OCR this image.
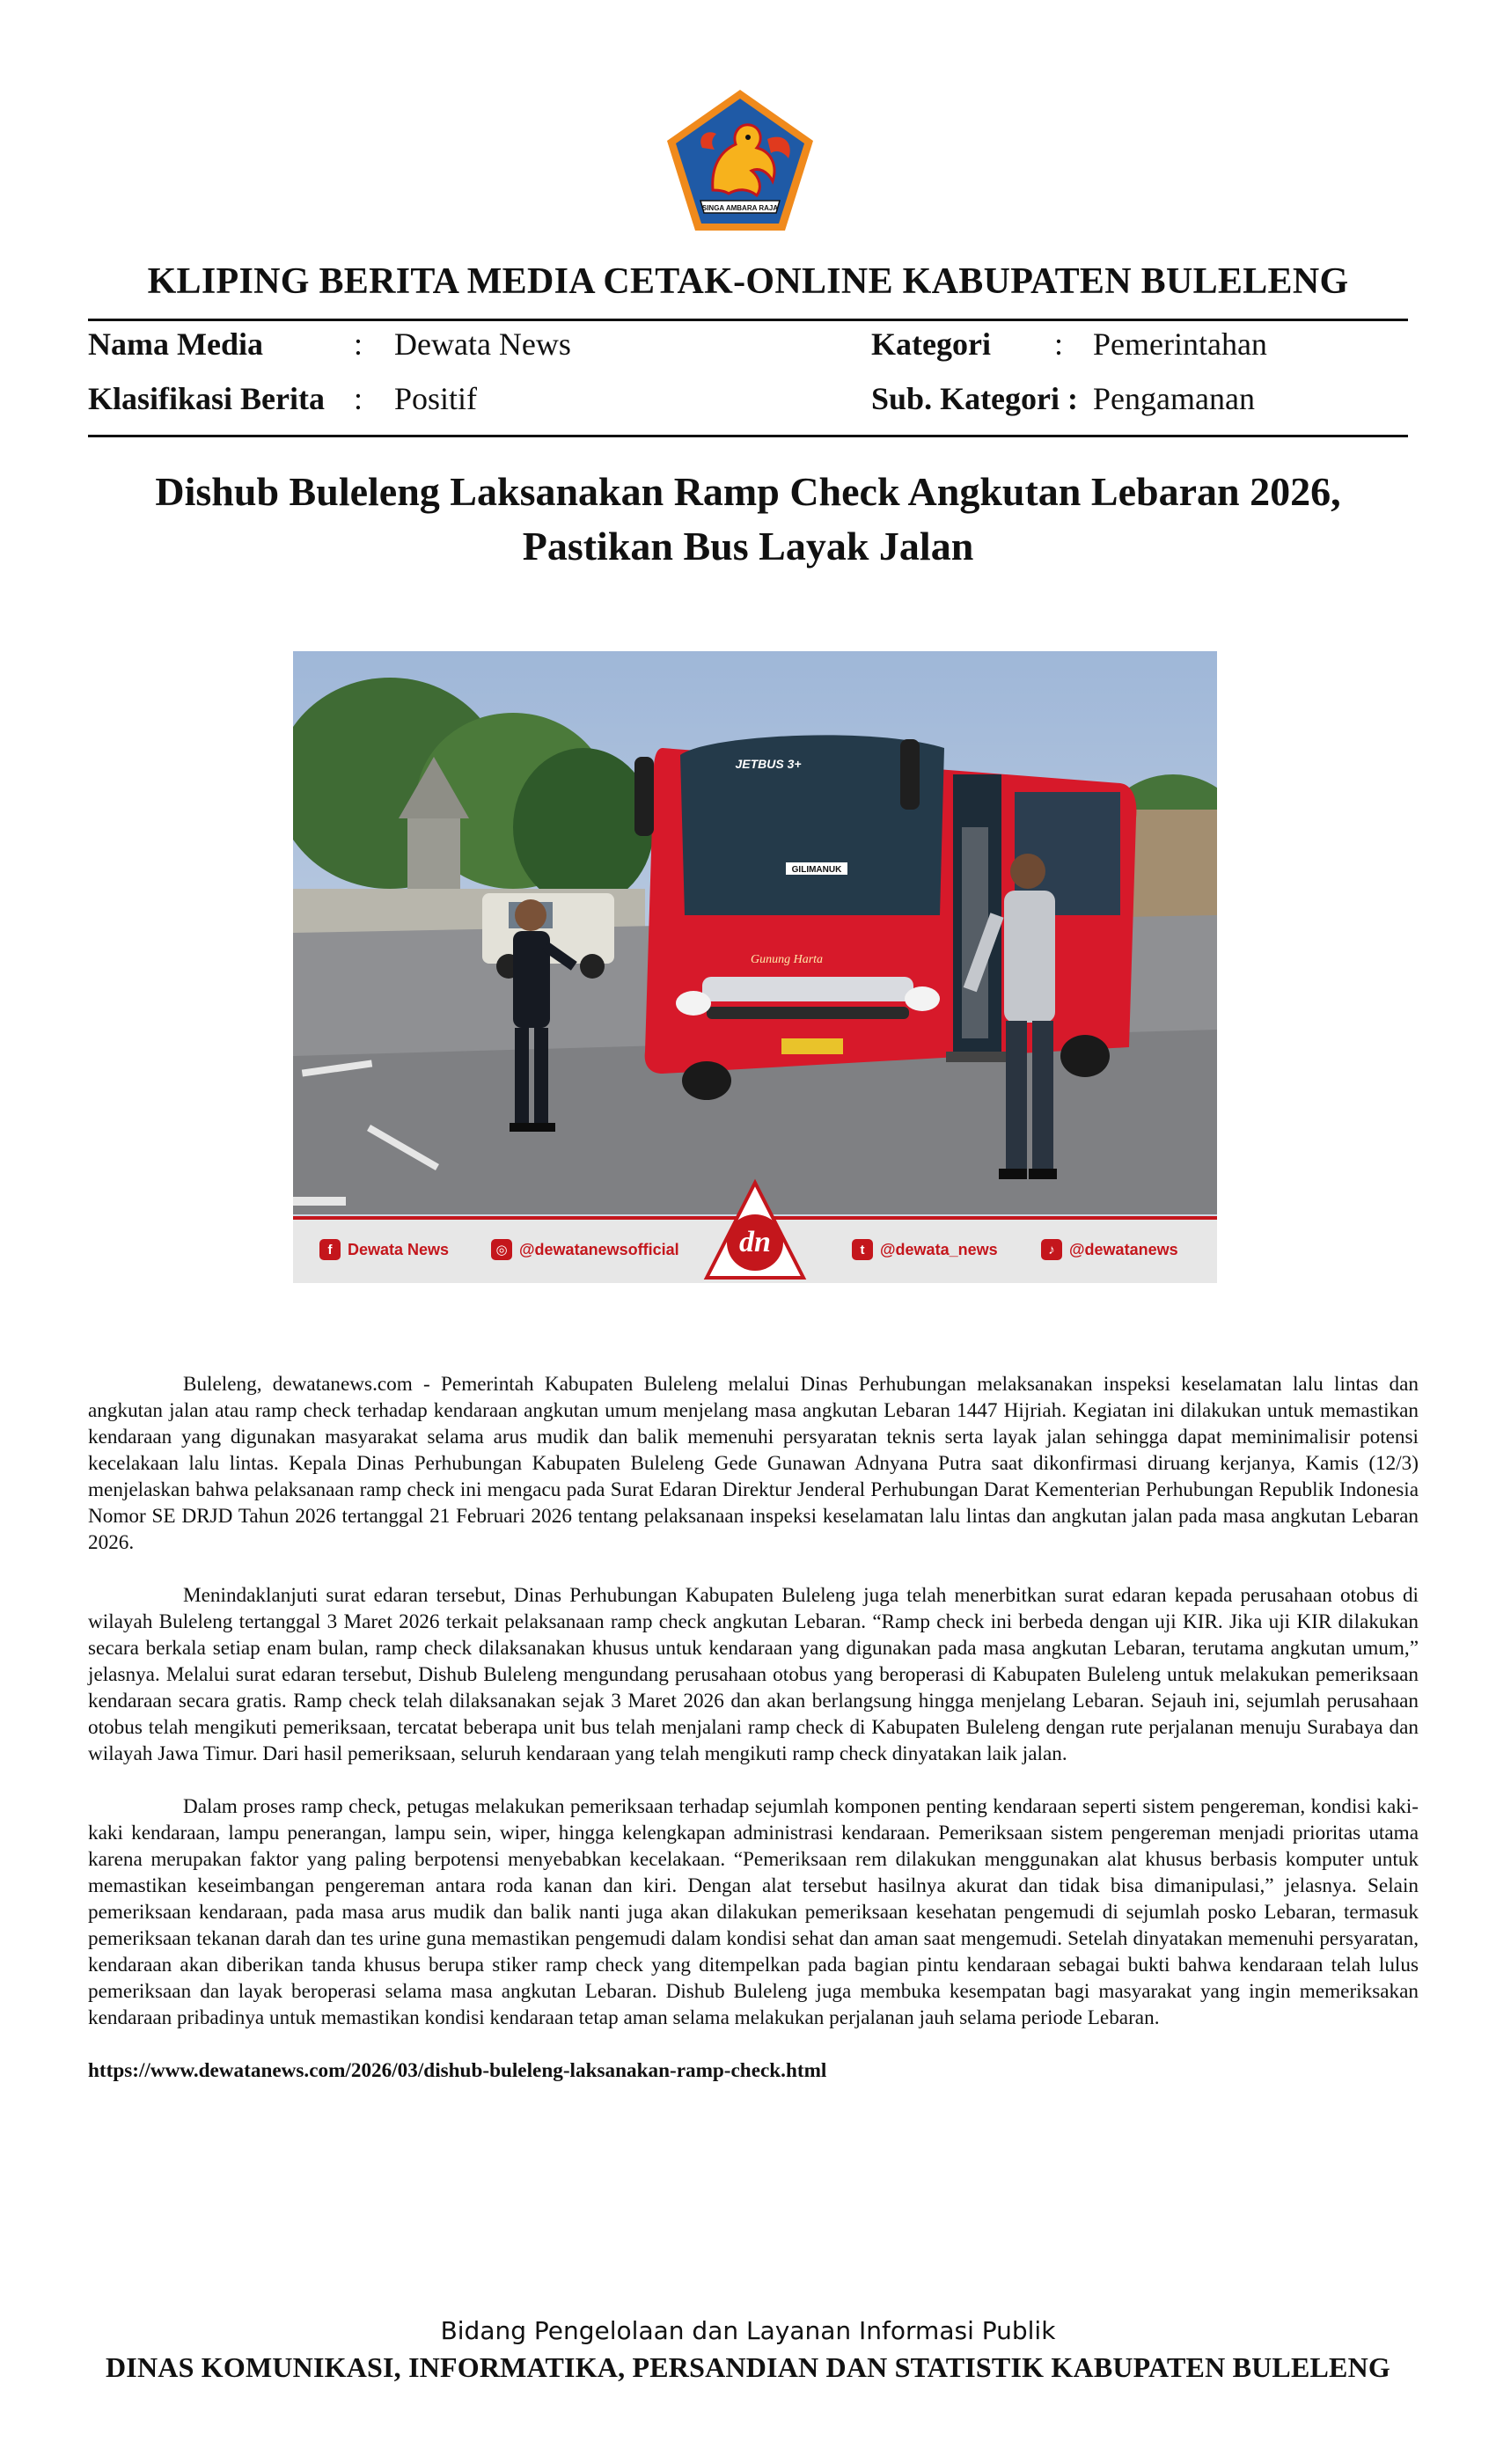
SINGA AMBARA RAJA
KLIPING BERITA MEDIA CETAK-ONLINE KABUPATEN BULELENG
Nama Media	: Dewata News	Kategori : Pemerintahan
Klasifikasi Berita : Positif	Sub. Kategori : Pengamanan
Dishub Buleleng Laksanakan Ramp Check Angkutan Lebaran 2026,
Pastikan Bus Layak Jalan
GILIMANUK
JETBUS 3+
Gunung Harta
f Dewata News	◎ @dewatanewsofficial	t @dewata_news	♪ @dewatanews
dn

Buleleng, dewatanews.com - Pemerintah Kabupaten Buleleng melalui Dinas Perhubungan melaksanakan inspeksi keselamatan lalu lintas dan angkutan jalan atau ramp check terhadap kendaraan angkutan umum menjelang masa angkutan Lebaran 1447 Hijriah. Kegiatan ini dilakukan untuk memastikan kendaraan yang digunakan masyarakat selama arus mudik dan balik memenuhi persyaratan teknis serta layak jalan sehingga dapat meminimalisir potensi kecelakaan lalu lintas. Kepala Dinas Perhubungan Kabupaten Buleleng Gede Gunawan Adnyana Putra saat dikonfirmasi diruang kerjanya, Kamis (12/3) menjelaskan bahwa pelaksanaan ramp check ini mengacu pada Surat Edaran Direktur Jenderal Perhubungan Darat Kementerian Perhubungan Republik Indonesia Nomor SE DRJD Tahun 2026 tertanggal 21 Februari 2026 tentang pelaksanaan inspeksi keselamatan lalu lintas dan angkutan jalan pada masa angkutan Lebaran 2026.

Menindaklanjuti surat edaran tersebut, Dinas Perhubungan Kabupaten Buleleng juga telah menerbitkan surat edaran kepada perusahaan otobus di wilayah Buleleng tertanggal 3 Maret 2026 terkait pelaksanaan ramp check angkutan Lebaran. “Ramp check ini berbeda dengan uji KIR. Jika uji KIR dilakukan secara berkala setiap enam bulan, ramp check dilaksanakan khusus untuk kendaraan yang digunakan pada masa angkutan Lebaran, terutama angkutan umum,” jelasnya. Melalui surat edaran tersebut, Dishub Buleleng mengundang perusahaan otobus yang beroperasi di Kabupaten Buleleng untuk melakukan pemeriksaan kendaraan secara gratis. Ramp check telah dilaksanakan sejak 3 Maret 2026 dan akan berlangsung hingga menjelang Lebaran. Sejauh ini, sejumlah perusahaan otobus telah mengikuti pemeriksaan, tercatat beberapa unit bus telah menjalani ramp check di Kabupaten Buleleng dengan rute perjalanan menuju Surabaya dan wilayah Jawa Timur. Dari hasil pemeriksaan, seluruh kendaraan yang telah mengikuti ramp check dinyatakan laik jalan.

Dalam proses ramp check, petugas melakukan pemeriksaan terhadap sejumlah komponen penting kendaraan seperti sistem pengereman, kondisi kaki-kaki kendaraan, lampu penerangan, lampu sein, wiper, hingga kelengkapan administrasi kendaraan. Pemeriksaan sistem pengereman menjadi prioritas utama karena merupakan faktor yang paling berpotensi menyebabkan kecelakaan. “Pemeriksaan rem dilakukan menggunakan alat khusus berbasis komputer untuk memastikan keseimbangan pengereman antara roda kanan dan kiri. Dengan alat tersebut hasilnya akurat dan tidak bisa dimanipulasi,” jelasnya. Selain pemeriksaan kendaraan, pada masa arus mudik dan balik nanti juga akan dilakukan pemeriksaan kesehatan pengemudi di sejumlah posko Lebaran, termasuk pemeriksaan tekanan darah dan tes urine guna memastikan pengemudi dalam kondisi sehat dan aman saat mengemudi. Setelah dinyatakan memenuhi persyaratan, kendaraan akan diberikan tanda khusus berupa stiker ramp check yang ditempelkan pada bagian pintu kendaraan sebagai bukti bahwa kendaraan telah lulus pemeriksaan dan layak beroperasi selama masa angkutan Lebaran. Dishub Buleleng juga membuka kesempatan bagi masyarakat yang ingin memeriksakan kendaraan pribadinya untuk memastikan kondisi kendaraan tetap aman selama melakukan perjalanan jauh selama periode Lebaran.

https://www.dewatanews.com/2026/03/dishub-buleleng-laksanakan-ramp-check.html

Bidang Pengelolaan dan Layanan Informasi Publik
DINAS KOMUNIKASI, INFORMATIKA, PERSANDIAN DAN STATISTIK KABUPATEN BULELENG
